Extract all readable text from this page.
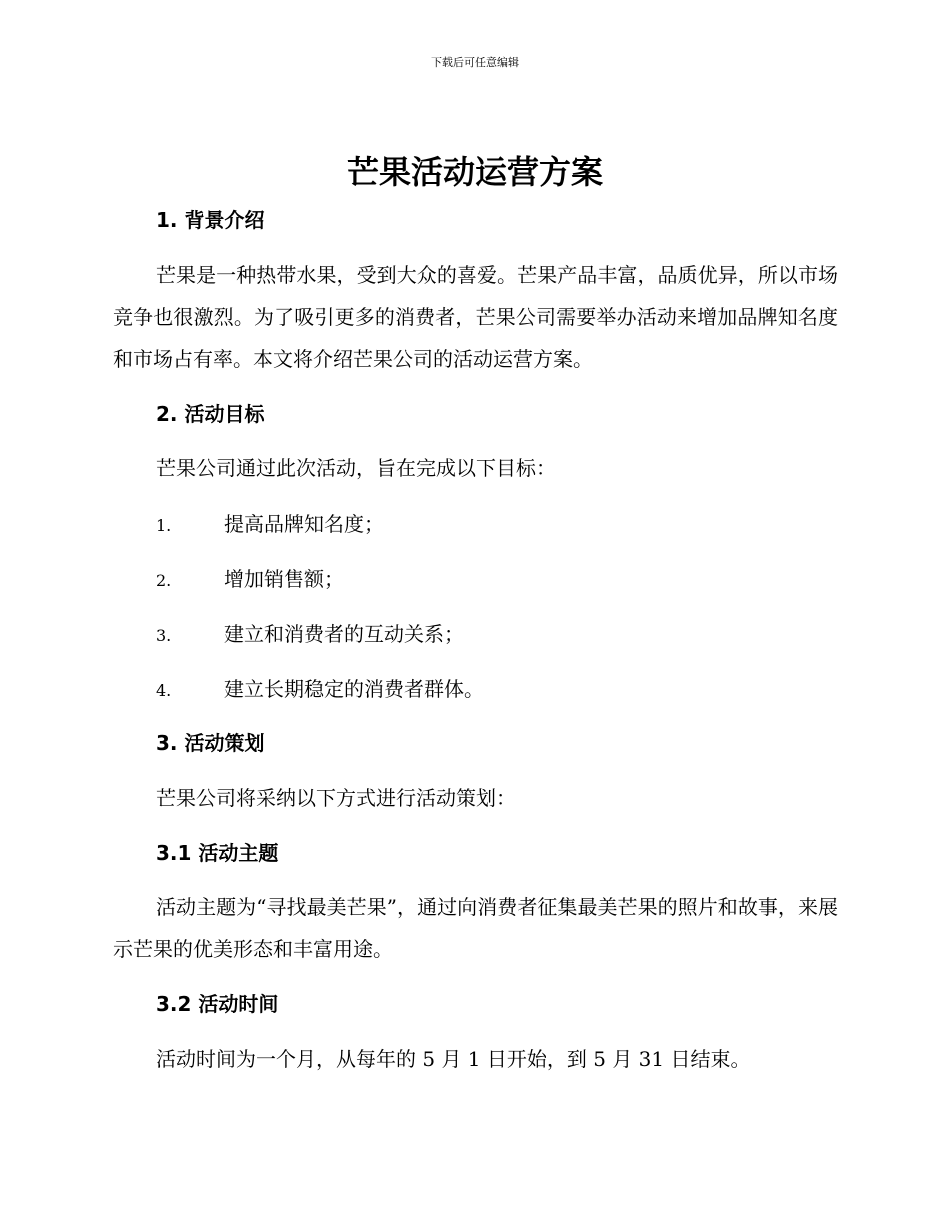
下载后可任意编辑
芒果活动运营方案
1. 背景介绍

芒果是一种热带水果，受到大众的喜爱。芒果产品丰富，品质优异，所以市场竞争也很激烈。为了吸引更多的消费者，芒果公司需要举办活动来增加品牌知名度和市场占有率。本文将介绍芒果公司的活动运营方案。

2. 活动目标

芒果公司通过此次活动，旨在完成以下目标：

1.	提高品牌知名度；
2.	增加销售额；
3.	建立和消费者的互动关系；
4.	建立长期稳定的消费者群体。
3. 活动策划

芒果公司将采纳以下方式进行活动策划：

3.1 活动主题

活动主题为“寻找最美芒果”，通过向消费者征集最美芒果的照片和故事，来展示芒果的优美形态和丰富用途。

3.2 活动时间

活动时间为一个月，从每年的 5 月 1 日开始，到 5 月 31 日结束。
